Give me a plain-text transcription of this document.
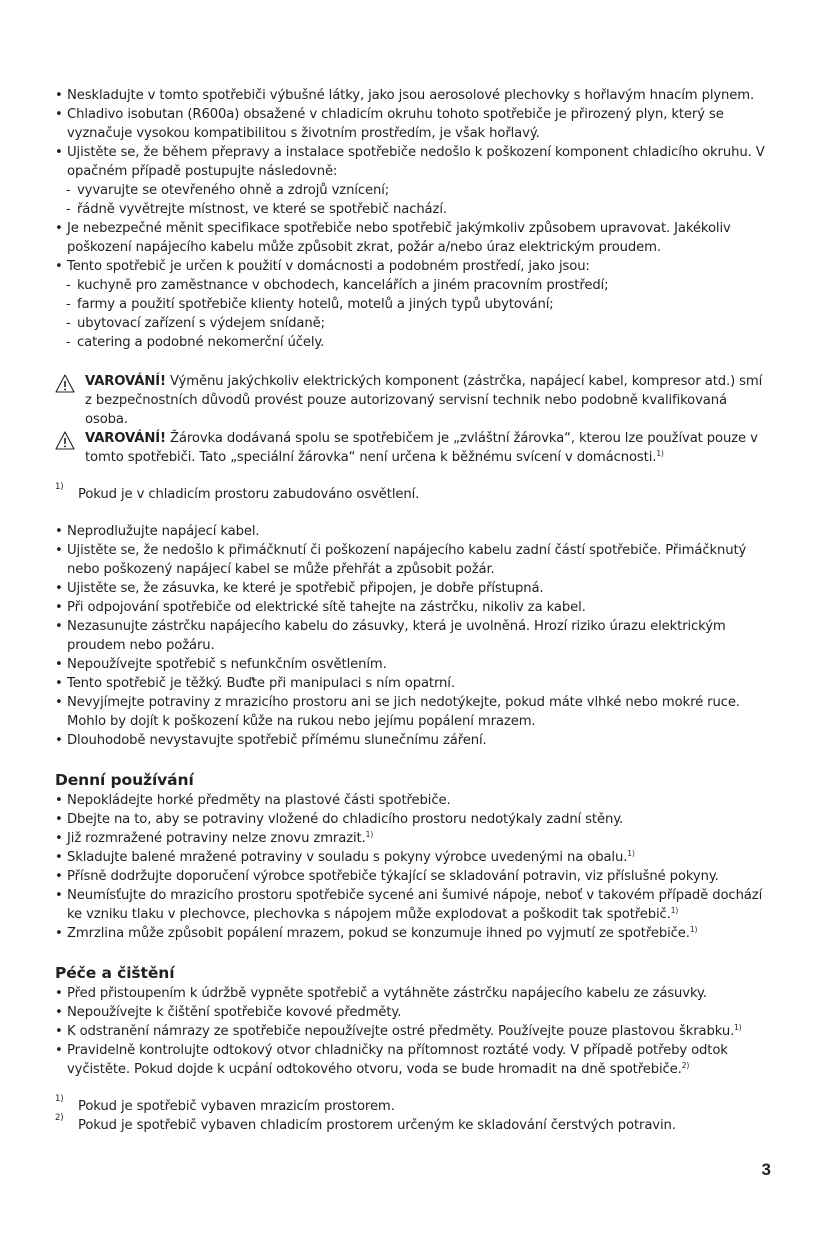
• Neskladujte v tomto spotřebiči výbušné látky, jako jsou aerosolové plechovky s hořlavým hnacím plynem.
• Chladivo isobutan (R600a) obsažené v chladicím okruhu tohoto spotřebiče je přirozený plyn, který se vyznačuje vysokou kompatibilitou s životním prostředím, je však hořlavý.
• Ujistěte se, že během přepravy a instalace spotřebiče nedošlo k poškození komponent chladicího okruhu. V opačném případě postupujte následovně:
- vyvarujte se otevřeného ohně a zdrojů vznícení;
- řádně vyvětrejte místnost, ve které se spotřebič nachází.
• Je nebezpečné měnit specifikace spotřebiče nebo spotřebič jakýmkoliv způsobem upravovat. Jakékoliv poškození napájecího kabelu může způsobit zkrat, požár a/nebo úraz elektrickým proudem.
• Tento spotřebič je určen k použití v domácnosti a podobném prostředí, jako jsou:
- kuchyně pro zaměstnance v obchodech, kancelářích a jiném pracovním prostředí;
- farmy a použití spotřebiče klienty hotelů, motelů a jiných typů ubytování;
- ubytovací zařízení s výdejem snídaně;
- catering a podobné nekomerční účely.
VAROVÁNÍ! Výměnu jakýchkoliv elektrických komponent (zástrčka, napájecí kabel, kompresor atd.) smí z bezpečnostních důvodů provést pouze autorizovaný servisní technik nebo podobně kvalifikovaná osoba.
VAROVÁNÍ! Žárovka dodávaná spolu se spotřebičem je „zvláštní žárovka“, kterou lze používat pouze v tomto spotřebiči. Tato „speciální žárovka“ není určena k běžnému svícení v domácnosti.$^{1)}$
1) Pokud je v chladicím prostoru zabudováno osvětlení.
• Neprodlužujte napájecí kabel.
• Ujistěte se, že nedošlo k přimáčknutí či poškození napájecího kabelu zadní částí spotřebiče. Přimáčknutý nebo poškozený napájecí kabel se může přehřát a způsobit požár.
• Ujistěte se, že zásuvka, ke které je spotřebič připojen, je dobře přístupná.
• Při odpojování spotřebiče od elektrické sítě tahejte na zástrčku, nikoliv za kabel.
• Nezasunujte zástrčku napájecího kabelu do zásuvky, která je uvolněná. Hrozí riziko úrazu elektrickým proudem nebo požáru.
• Nepoužívejte spotřebič s nefunkčním osvětlením.
• Tento spotřebič je těžký. Buďte při manipulaci s ním opatrní.
• Nevyjímejte potraviny z mrazicího prostoru ani se jich nedotýkejte, pokud máte vlhké nebo mokré ruce. Mohlo by dojít k poškození kůže na rukou nebo jejímu popálení mrazem.
• Dlouhodobě nevystavujte spotřebič přímému slunečnímu záření.
Denní používání
• Nepokládejte horké předměty na plastové části spotřebiče.
• Dbejte na to, aby se potraviny vložené do chladicího prostoru nedotýkaly zadní stěny.
• Již rozmražené potraviny nelze znovu zmrazit.$^{1)}$
• Skladujte balené mražené potraviny v souladu s pokyny výrobce uvedenými na obalu.$^{1)}$
• Přísně dodržujte doporučení výrobce spotřebiče týkající se skladování potravin, viz příslušné pokyny.
• Neumísťujte do mrazicího prostoru spotřebiče sycené ani šumivé nápoje, neboť v takovém případě dochází ke vzniku tlaku v plechovce, plechovka s nápojem může explodovat a poškodit tak spotřebič.$^{1)}$
• Zmrzlina může způsobit popálení mrazem, pokud se konzumuje ihned po vyjmutí ze spotřebiče.$^{1)}$
Péče a čištění
• Před přistoupením k údržbě vypněte spotřebič a vytáhněte zástrčku napájecího kabelu ze zásuvky.
• Nepoužívejte k čištění spotřebiče kovové předměty.
• K odstranění námrazy ze spotřebiče nepoužívejte ostré předměty. Používejte pouze plastovou škrabku.$^{1)}$
• Pravidelně kontrolujte odtokový otvor chladničky na přítomnost roztáté vody. V případě potřeby odtok vyčistěte. Pokud dojde k ucpání odtokového otvoru, voda se bude hromadit na dně spotřebiče.$^{2)}$
1) Pokud je spotřebič vybaven mrazicím prostorem.
2) Pokud je spotřebič vybaven chladicím prostorem určeným ke skladování čerstvých potravin.
3
